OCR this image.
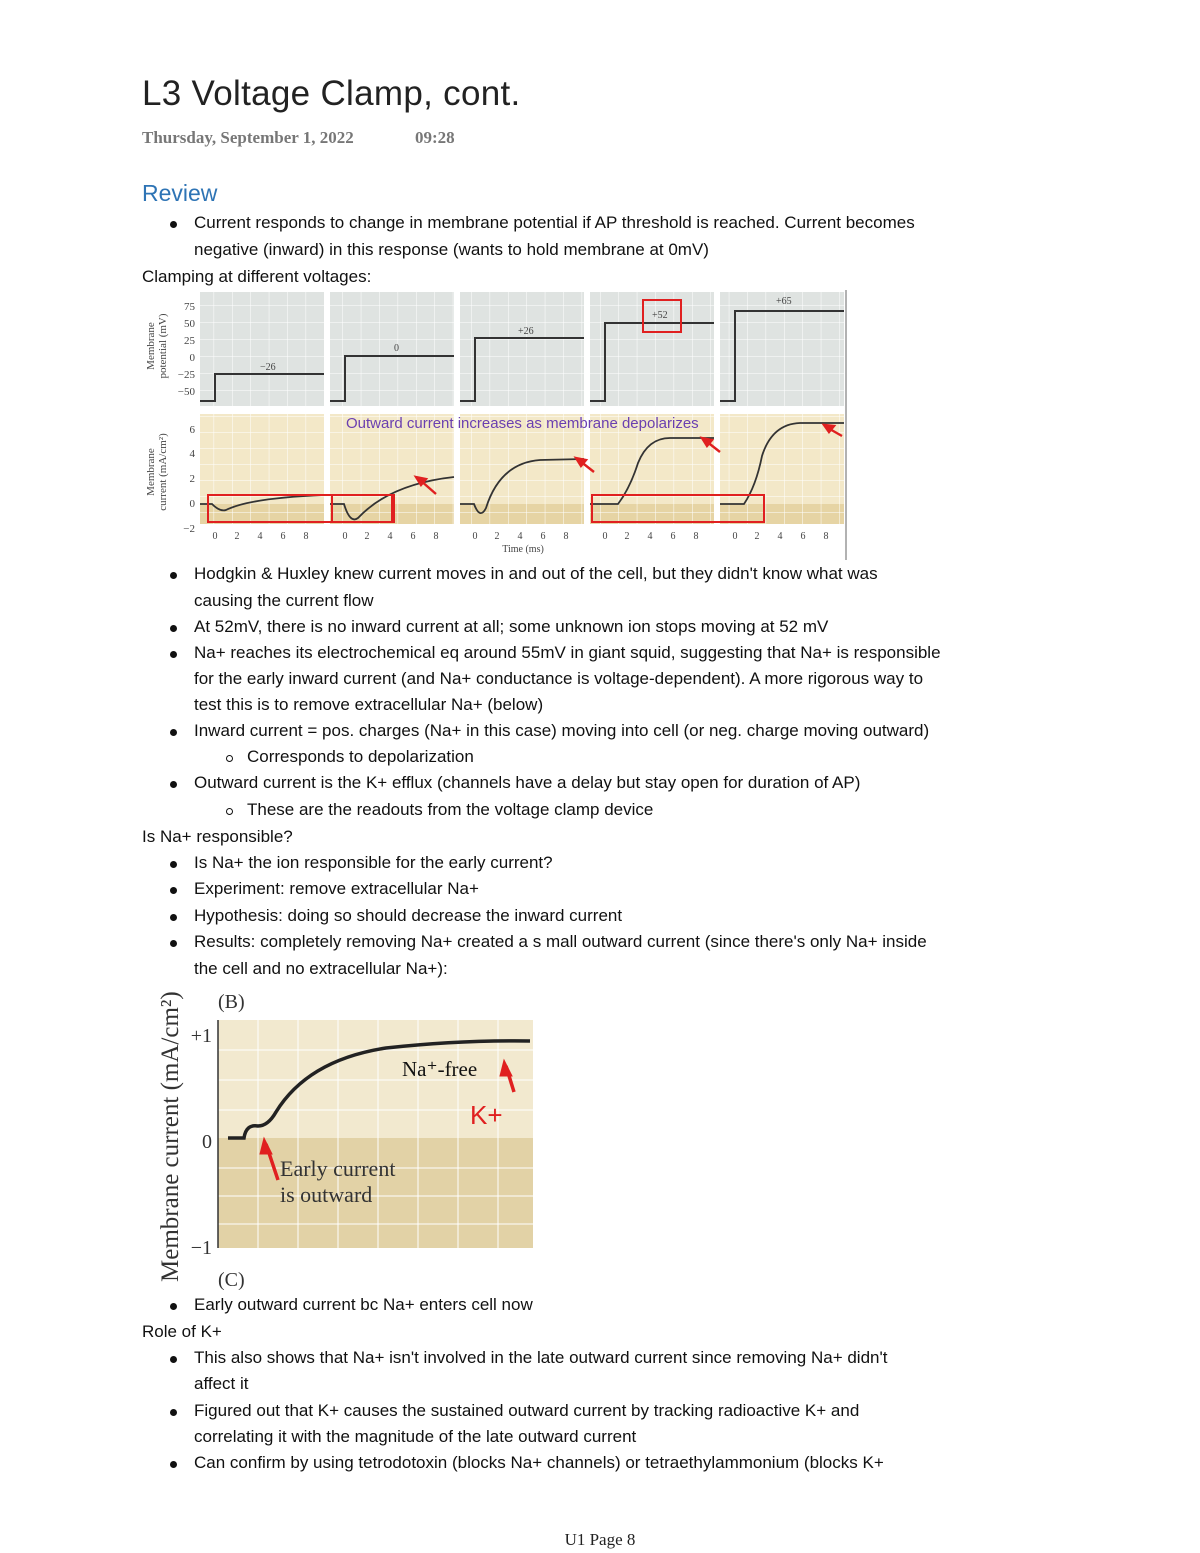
L3 Voltage Clamp, cont.
Thursday, September 1, 2022	09:28
Review
Current responds to change in membrane potential if AP threshold is reached. Current becomes
negative (inward) in this response (wants to hold membrane at 0mV)
Clamping at different voltages:
Membrane potential (mV)
Membrane current (mA/cm²)
75
50
25
0
−25
−50
6
4
2
0
−2
−26
0
+26
+52
+65
Outward current increases as membrane depolarizes
0 2 4 6 8	0 2 4 6 8	0 2 4 6 8	0 2 4 6 8	0 2 4 6 8
Time (ms)
Hodgkin & Huxley knew current moves in and out of the cell, but they didn't know what was
causing the current flow
At 52mV, there is no inward current at all; some unknown ion stops moving at 52 mV
Na+ reaches its electrochemical eq around 55mV in giant squid, suggesting that Na+ is responsible
for the early inward current (and Na+ conductance is voltage-dependent). A more rigorous way to
test this is to remove extracellular Na+ (below)
Inward current = pos. charges (Na+ in this case) moving into cell (or neg. charge moving outward)
Corresponds to depolarization
Outward current is the K+ efflux (channels have a delay but stay open for duration of AP)
These are the readouts from the voltage clamp device
Is Na+ responsible?
Is Na+ the ion responsible for the early current?
Experiment: remove extracellular Na+
Hypothesis: doing so should decrease the inward current
Results: completely removing Na+ created a s mall outward current (since there's only Na+ inside
the cell and no extracellular Na+):
Membrane current (mA/cm²) (B)
(C)
+1
0
−1
Na⁺-free
K+
Early current
is outward
Early outward current bc Na+ enters cell now
Role of K+
This also shows that Na+ isn't involved in the late outward current since removing Na+ didn't
affect it
Figured out that K+ causes the sustained outward current by tracking radioactive K+ and
correlating it with the magnitude of the late outward current
Can confirm by using tetrodotoxin (blocks Na+ channels) or tetraethylammonium (blocks K+
U1 Page 8
